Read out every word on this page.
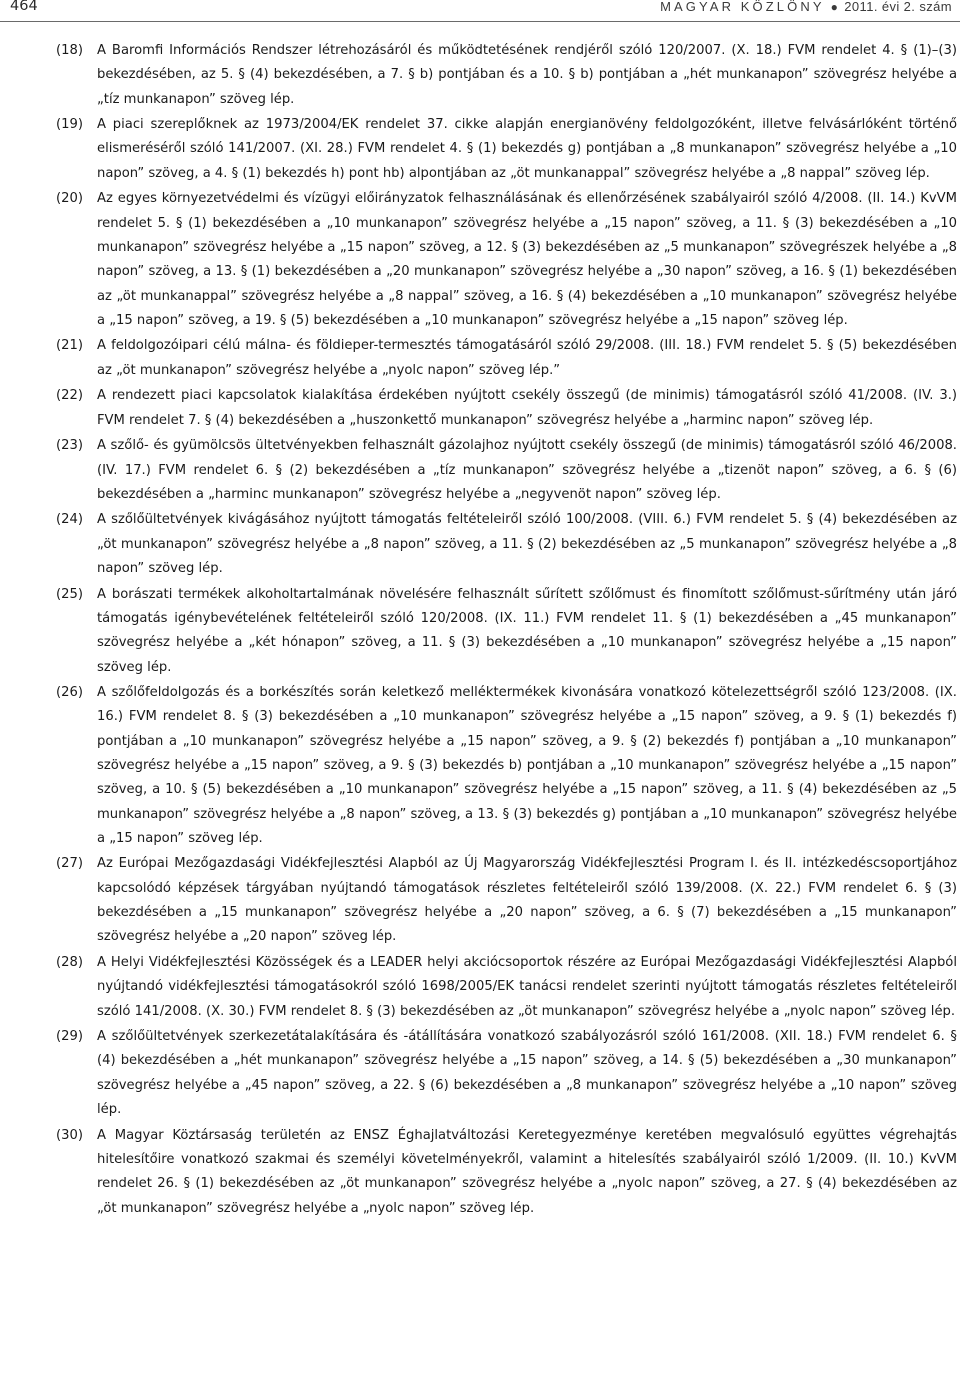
464	MAGYAR KÖZLÖNY ● 2011. évi 2. szám
(18) A Baromfi Információs Rendszer létrehozásáról és működtetésének rendjéről szóló 120/2007. (X. 18.) FVM rendelet 4. § (1)–(3) bekezdésében, az 5. § (4) bekezdésében, a 7. § b) pontjában és a 10. § b) pontjában a „hét munkanapon” szövegrész helyébe a „tíz munkanapon” szöveg lép.
(19) A piaci szereplőknek az 1973/2004/EK rendelet 37. cikke alapján energianövény feldolgozóként, illetve felvásárlóként történő elismeréséről szóló 141/2007. (XI. 28.) FVM rendelet 4. § (1) bekezdés g) pontjában a „8 munkanapon” szövegrész helyébe a „10 napon” szöveg, a 4. § (1) bekezdés h) pont hb) alpontjában az „öt munkanappal” szövegrész helyébe a „8 nappal” szöveg lép.
(20) Az egyes környezetvédelmi és vízügyi előirányzatok felhasználásának és ellenőrzésének szabályairól szóló 4/2008. (II. 14.) KvVM rendelet 5. § (1) bekezdésében a „10 munkanapon” szövegrész helyébe a „15 napon” szöveg, a 11. § (3) bekezdésében a „10 munkanapon” szövegrész helyébe a „15 napon” szöveg, a 12. § (3) bekezdésében az „5 munkanapon” szövegrészek helyébe a „8 napon” szöveg, a 13. § (1) bekezdésében a „20 munkanapon” szövegrész helyébe a „30 napon” szöveg, a 16. § (1) bekezdésében az „öt munkanappal” szövegrész helyébe a „8 nappal” szöveg, a 16. § (4) bekezdésében a „10 munkanapon” szövegrész helyébe a „15 napon” szöveg, a 19. § (5) bekezdésében a „10 munkanapon” szövegrész helyébe a „15 napon” szöveg lép.
(21) A feldolgozóipari célú málna- és földieper-termesztés támogatásáról szóló 29/2008. (III. 18.) FVM rendelet 5. § (5) bekezdésében az „öt munkanapon” szövegrész helyébe a „nyolc napon” szöveg lép.”
(22) A rendezett piaci kapcsolatok kialakítása érdekében nyújtott csekély összegű (de minimis) támogatásról szóló 41/2008. (IV. 3.) FVM rendelet 7. § (4) bekezdésében a „huszonkettő munkanapon” szövegrész helyébe a „harminc napon” szöveg lép.
(23) A szőlő- és gyümölcsös ültetvényekben felhasznált gázolajhoz nyújtott csekély összegű (de minimis) támogatásról szóló 46/2008. (IV. 17.) FVM rendelet 6. § (2) bekezdésében a „tíz munkanapon” szövegrész helyébe a „tizenöt napon” szöveg, a 6. § (6) bekezdésében a „harminc munkanapon” szövegrész helyébe a „negyvenöt napon” szöveg lép.
(24) A szőlőültetvények kivágásához nyújtott támogatás feltételeiről szóló 100/2008. (VIII. 6.) FVM rendelet 5. § (4) bekezdésében az „öt munkanapon” szövegrész helyébe a „8 napon” szöveg, a 11. § (2) bekezdésében az „5 munkanapon” szövegrész helyébe a „8 napon” szöveg lép.
(25) A borászati termékek alkoholtartalmának növelésére felhasznált sűrített szőlőmust és finomított szőlőmust-sűrítmény után járó támogatás igénybevételének feltételeiről szóló 120/2008. (IX. 11.) FVM rendelet 11. § (1) bekezdésében a „45 munkanapon” szövegrész helyébe a „két hónapon” szöveg, a 11. § (3) bekezdésében a „10 munkanapon” szövegrész helyébe a „15 napon” szöveg lép.
(26) A szőlőfeldolgozás és a borkészítés során keletkező melléktermékek kivonására vonatkozó kötelezettségről szóló 123/2008. (IX. 16.) FVM rendelet 8. § (3) bekezdésében a „10 munkanapon” szövegrész helyébe a „15 napon” szöveg, a 9. § (1) bekezdés f) pontjában a „10 munkanapon” szövegrész helyébe a „15 napon” szöveg, a 9. § (2) bekezdés f) pontjában a „10 munkanapon” szövegrész helyébe a „15 napon” szöveg, a 9. § (3) bekezdés b) pontjában a „10 munkanapon” szövegrész helyébe a „15 napon” szöveg, a 10. § (5) bekezdésében a „10 munkanapon” szövegrész helyébe a „15 napon” szöveg, a 11. § (4) bekezdésében az „5 munkanapon” szövegrész helyébe a „8 napon” szöveg, a 13. § (3) bekezdés g) pontjában a „10 munkanapon” szövegrész helyébe a „15 napon” szöveg lép.
(27) Az Európai Mezőgazdasági Vidékfejlesztési Alapból az Új Magyarország Vidékfejlesztési Program I. és II. intézkedéscsoportjához kapcsolódó képzések tárgyában nyújtandó támogatások részletes feltételeiről szóló 139/2008. (X. 22.) FVM rendelet 6. § (3) bekezdésében a „15 munkanapon” szövegrész helyébe a „20 napon” szöveg, a 6. § (7) bekezdésében a „15 munkanapon” szövegrész helyébe a „20 napon” szöveg lép.
(28) A Helyi Vidékfejlesztési Közösségek és a LEADER helyi akciócsoportok részére az Európai Mezőgazdasági Vidékfejlesztési Alapból nyújtandó vidékfejlesztési támogatásokról szóló 1698/2005/EK tanácsi rendelet szerinti nyújtott támogatás részletes feltételeiről szóló 141/2008. (X. 30.) FVM rendelet 8. § (3) bekezdésében az „öt munkanapon” szövegrész helyébe a „nyolc napon” szöveg lép.
(29) A szőlőültetvények szerkezetátalakítására és -átállítására vonatkozó szabályozásról szóló 161/2008. (XII. 18.) FVM rendelet 6. § (4) bekezdésében a „hét munkanapon” szövegrész helyébe a „15 napon” szöveg, a 14. § (5) bekezdésében a „30 munkanapon” szövegrész helyébe a „45 napon” szöveg, a 22. § (6) bekezdésében a „8 munkanapon” szövegrész helyébe a „10 napon” szöveg lép.
(30) A Magyar Köztársaság területén az ENSZ Éghajlatváltozási Keretegyezménye keretében megvalósuló együttes végrehajtás hitelesítőire vonatkozó szakmai és személyi követelményekről, valamint a hitelesítés szabályairól szóló 1/2009. (II. 10.) KvVM rendelet 26. § (1) bekezdésében az „öt munkanapon” szövegrész helyébe a „nyolc napon” szöveg, a 27. § (4) bekezdésében az „öt munkanapon” szövegrész helyébe a „nyolc napon” szöveg lép.
